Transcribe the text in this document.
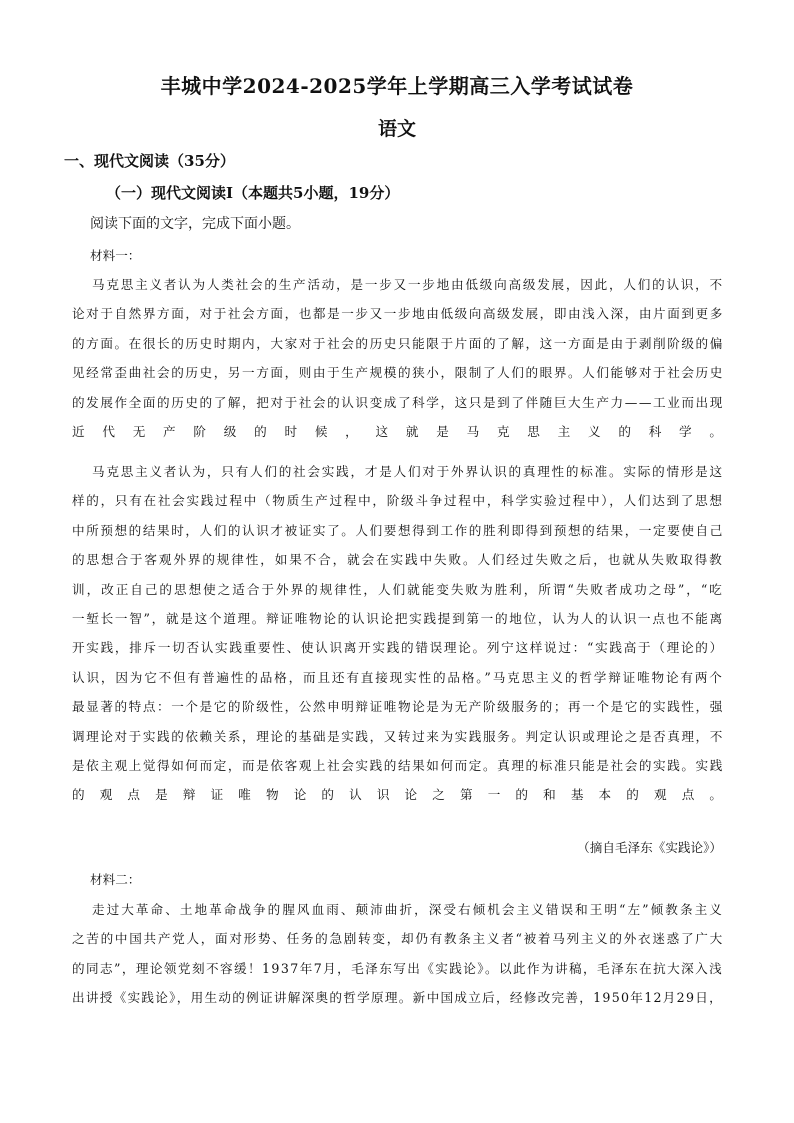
丰城中学2024-2025学年上学期高三入学考试试卷
语文
一、现代文阅读（35分）
（一）现代文阅读Ⅰ（本题共5小题，19分）
阅读下面的文字，完成下面小题。
材料一：
马克思主义者认为人类社会的生产活动，是一步又一步地由低级向高级发展，因此，人们的认识，不
论对于自然界方面，对于社会方面，也都是一步又一步地由低级向高级发展，即由浅入深，由片面到更多
的方面。在很长的历史时期内，大家对于社会的历史只能限于片面的了解，这一方面是由于剥削阶级的偏
见经常歪曲社会的历史，另一方面，则由于生产规模的狭小，限制了人们的眼界。人们能够对于社会历史
的发展作全面的历史的了解，把对于社会的认识变成了科学，这只是到了伴随巨大生产力——工业而出现
近代无产阶级的时候，这就是马克思主义的科学。
马克思主义者认为，只有人们的社会实践，才是人们对于外界认识的真理性的标准。实际的情形是这
样的，只有在社会实践过程中（物质生产过程中，阶级斗争过程中，科学实验过程中），人们达到了思想
中所预想的结果时，人们的认识才被证实了。人们要想得到工作的胜利即得到预想的结果，一定要使自己
的思想合于客观外界的规律性，如果不合，就会在实践中失败。人们经过失败之后，也就从失败取得教
训，改正自己的思想使之适合于外界的规律性，人们就能变失败为胜利，所谓“失败者成功之母”，“吃
一堑长一智”，就是这个道理。辩证唯物论的认识论把实践提到第一的地位，认为人的认识一点也不能离
开实践，排斥一切否认实践重要性、使认识离开实践的错误理论。列宁这样说过：“实践高于（理论的）
认识，因为它不但有普遍性的品格，而且还有直接现实性的品格。”马克思主义的哲学辩证唯物论有两个
最显著的特点：一个是它的阶级性，公然申明辩证唯物论是为无产阶级服务的；再一个是它的实践性，强
调理论对于实践的依赖关系，理论的基础是实践，又转过来为实践服务。判定认识或理论之是否真理，不
是依主观上觉得如何而定，而是依客观上社会实践的结果如何而定。真理的标准只能是社会的实践。实践
的观点是辩证唯物论的认识论之第一的和基本的观点。
（摘自毛泽东《实践论》）
材料二：
走过大革命、土地革命战争的腥风血雨、颠沛曲折，深受右倾机会主义错误和王明“左”倾教条主义
之苦的中国共产党人，面对形势、任务的急剧转变，却仍有教条主义者“被着马列主义的外衣迷惑了广大
的同志”，理论领党刻不容缓！1937年7月，毛泽东写出《实践论》。以此作为讲稿，毛泽东在抗大深入浅
出讲授《实践论》，用生动的例证讲解深奥的哲学原理。新中国成立后，经修改完善，1950年12月29日，
